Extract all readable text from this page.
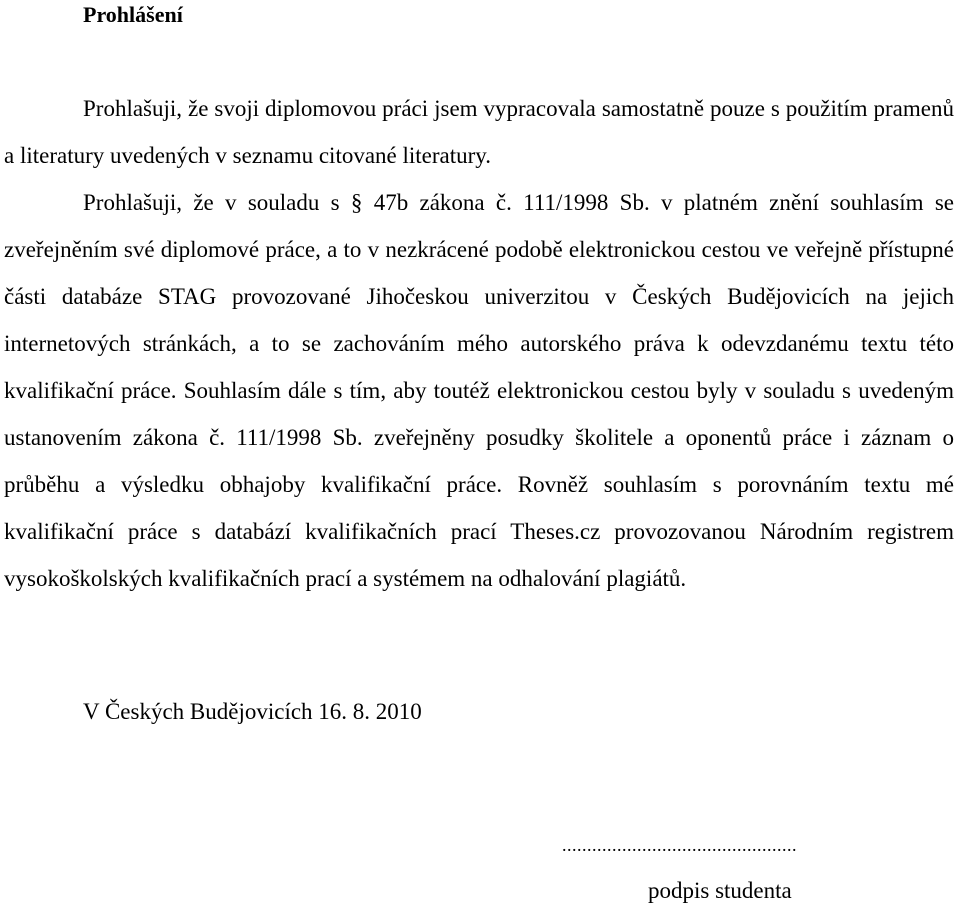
Prohlášení

Prohlašuji, že svoji diplomovou práci jsem vypracovala samostatně pouze s použitím pramenů a literatury uvedených v seznamu citované literatury.

Prohlašuji, že v souladu s § 47b zákona č. 111/1998 Sb. v platném znění souhlasím se zveřejněním své diplomové práce, a to v nezkrácené podobě elektronickou cestou ve veřejně přístupné části databáze STAG provozované Jihočeskou univerzitou v Českých Budějovicích na jejich internetových stránkách, a to se zachováním mého autorského práva k odevzdanému textu této kvalifikační práce. Souhlasím dále s tím, aby toutéž elektronickou cestou byly v souladu s uvedeným ustanovením zákona č. 111/1998 Sb. zveřejněny posudky školitele a oponentů práce i záznam o průběhu a výsledku obhajoby kvalifikační práce. Rovněž souhlasím s porovnáním textu mé kvalifikační práce s databází kvalifikačních prací Theses.cz provozovanou Národním registrem vysokoškolských kvalifikačních prací a systémem na odhalování plagiátů.

V Českých Budějovicích 16. 8. 2010
...............................................
podpis studenta
